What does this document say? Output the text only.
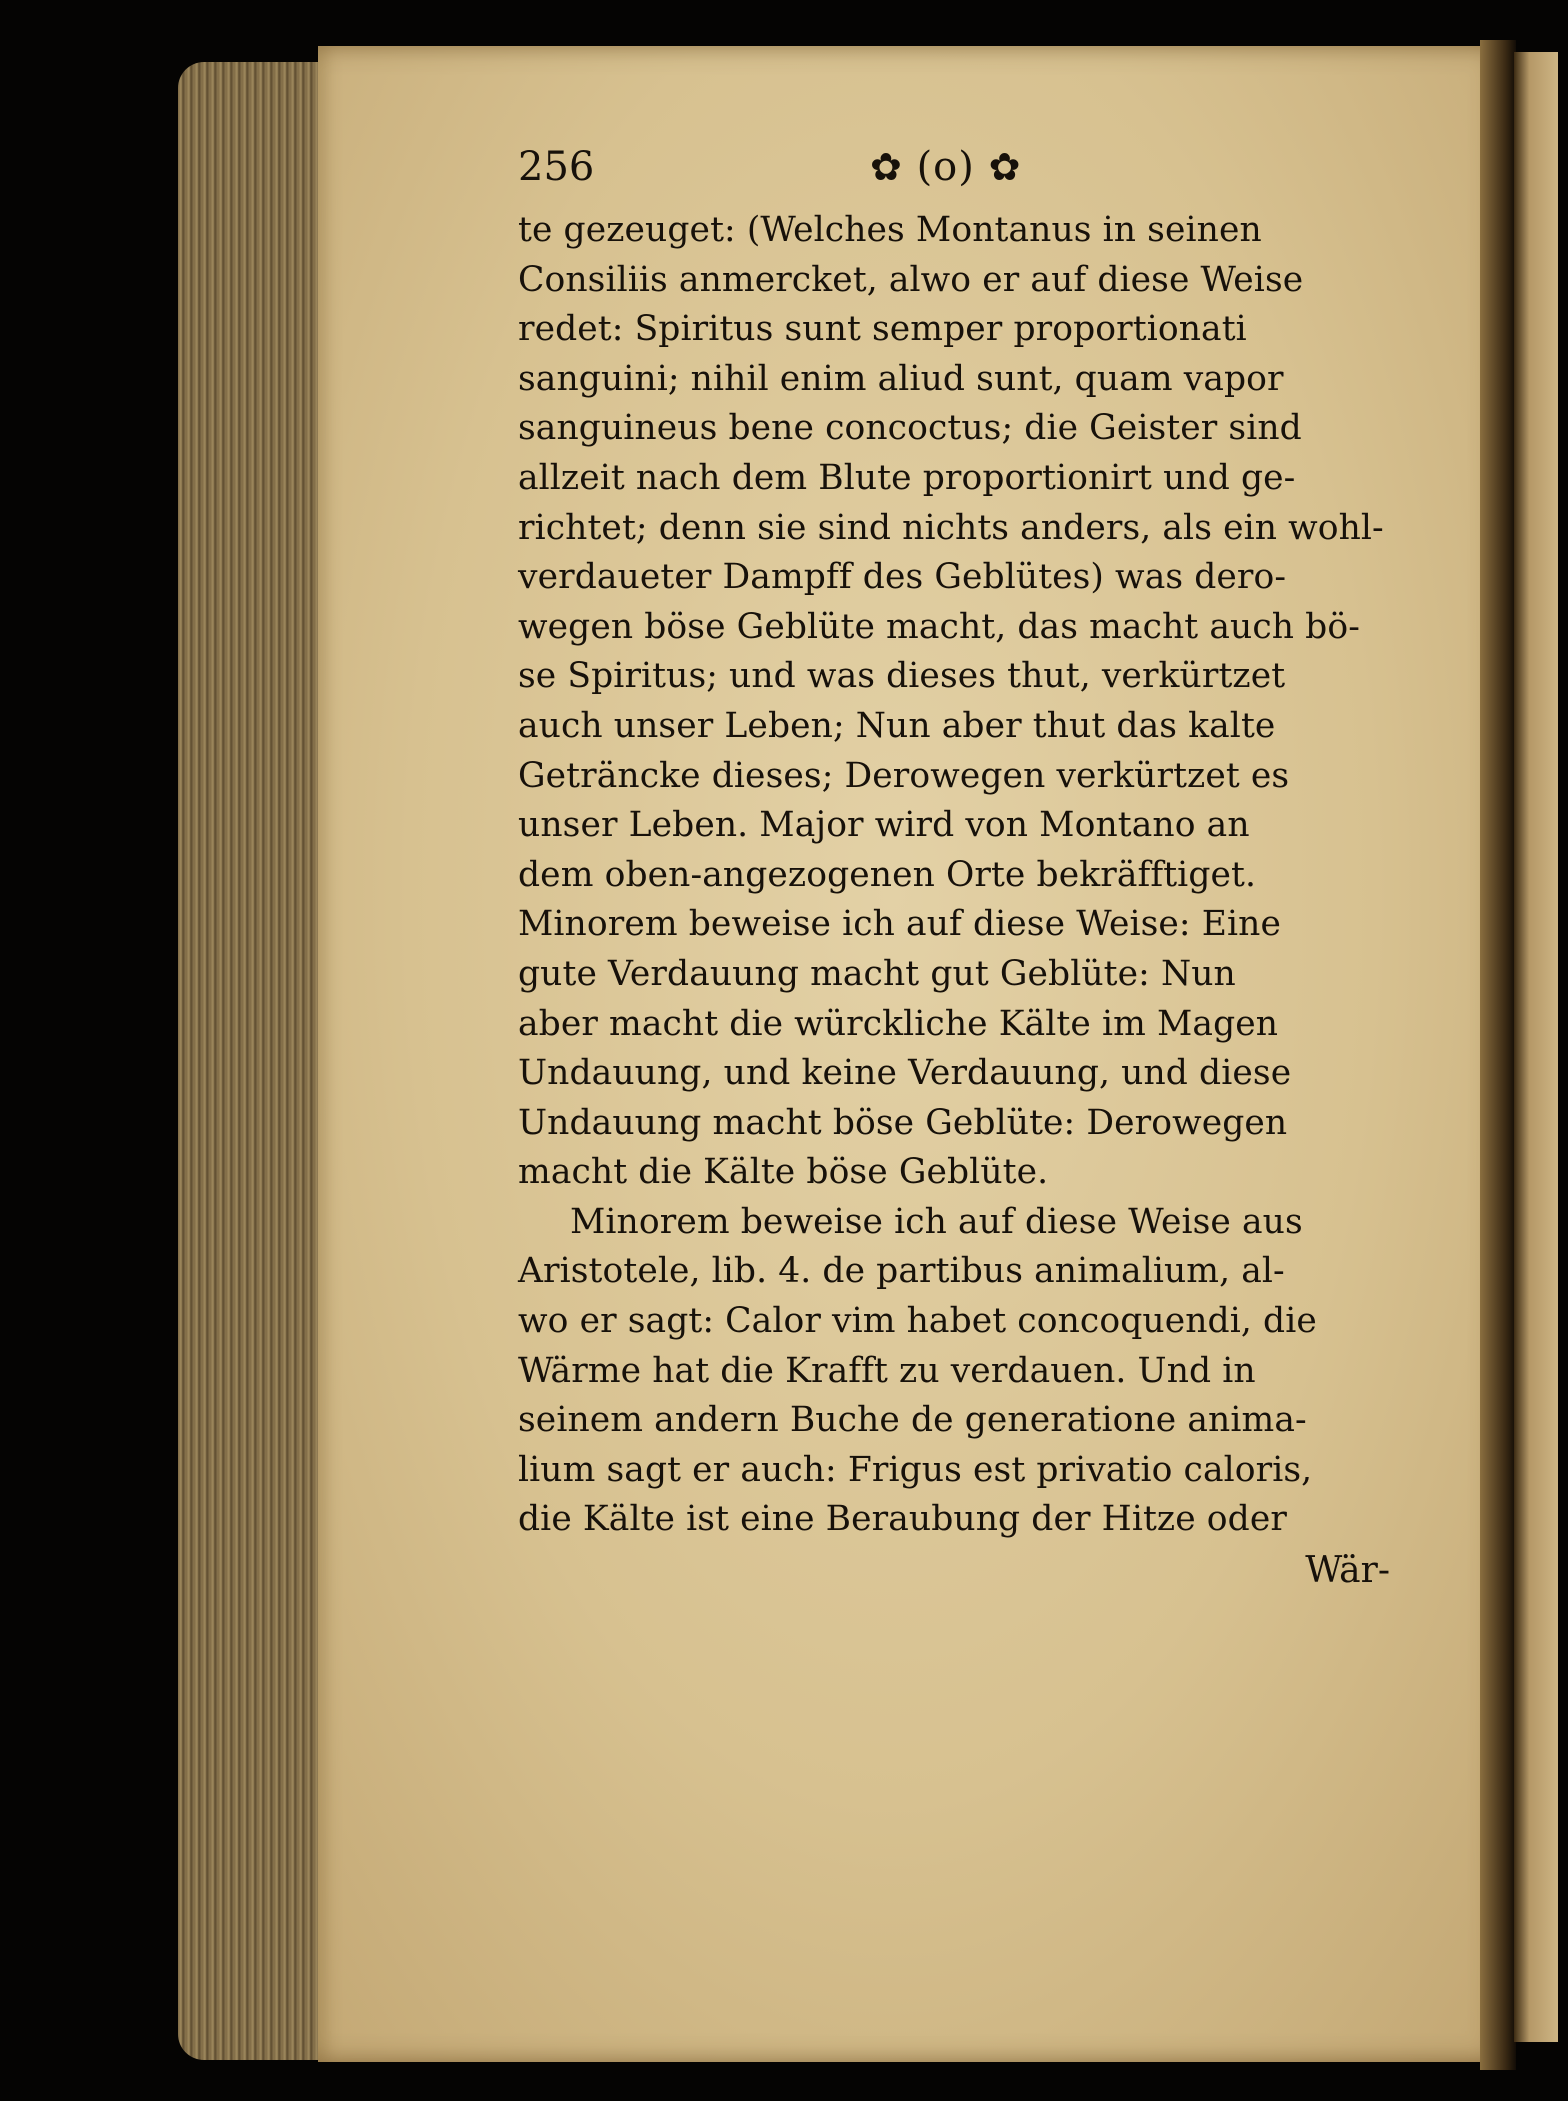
256	✿ (o) ✿
te gezeuget: (Welches Montanus in seinen
Consiliis anmercket, alwo er auf diese Weise
redet: Spiritus sunt semper proportionati
sanguini; nihil enim aliud sunt, quam vapor
sanguineus bene concoctus; die Geister sind
allzeit nach dem Blute proportionirt und ge-
richtet; denn sie sind nichts anders, als ein wohl-
verdaueter Dampff des Geblütes) was dero-
wegen böse Geblüte macht, das macht auch bö-
se Spiritus; und was dieses thut, verkürtzet
auch unser Leben; Nun aber thut das kalte
Geträncke dieses; Derowegen verkürtzet es
unser Leben. Major wird von Montano an
dem oben-angezogenen Orte bekräfftiget.
Minorem beweise ich auf diese Weise: Eine
gute Verdauung macht gut Geblüte: Nun
aber macht die würckliche Kälte im Magen
Undauung, und keine Verdauung, und diese
Undauung macht böse Geblüte: Derowegen
macht die Kälte böse Geblüte.
Minorem beweise ich auf diese Weise aus
Aristotele, lib. 4. de partibus animalium, al-
wo er sagt: Calor vim habet concoquendi, die
Wärme hat die Krafft zu verdauen. Und in
seinem andern Buche de generatione anima-
lium sagt er auch: Frigus est privatio caloris,
die Kälte ist eine Beraubung der Hitze oder
Wär-
